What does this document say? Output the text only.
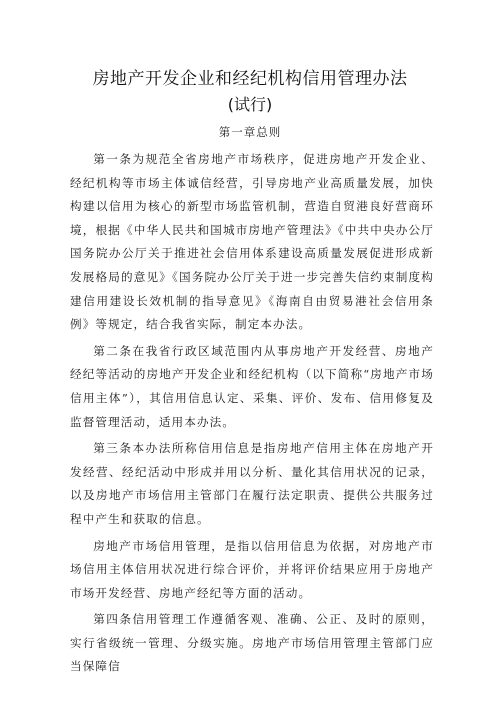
房地产开发企业和经纪机构信用管理办法
(试行)
第一章总则

第一条为规范全省房地产市场秩序，促进房地产开发企业、经纪机构等市场主体诚信经营，引导房地产业高质量发展，加快构建以信用为核心的新型市场监管机制，营造自贸港良好营商环境，根据《中华人民共和国城市房地产管理法》《中共中央办公厅国务院办公厅关于推进社会信用体系建设高质量发展促进形成新发展格局的意见》《国务院办公厅关于进一步完善失信约束制度构建信用建设长效机制的指导意见》《海南自由贸易港社会信用条例》等规定，结合我省实际，制定本办法。

第二条在我省行政区域范围内从事房地产开发经营、房地产经纪等活动的房地产开发企业和经纪机构（以下简称“房地产市场信用主体”），其信用信息认定、采集、评价、发布、信用修复及监督管理活动，适用本办法。

第三条本办法所称信用信息是指房地产信用主体在房地产开发经营、经纪活动中形成并用以分析、量化其信用状况的记录，以及房地产市场信用主管部门在履行法定职责、提供公共服务过程中产生和获取的信息。

房地产市场信用管理，是指以信用信息为依据，对房地产市场信用主体信用状况进行综合评价，并将评价结果应用于房地产市场开发经营、房地产经纪等方面的活动。

第四条信用管理工作遵循客观、准确、公正、及时的原则，实行省级统一管理、分级实施。房地产市场信用管理主管部门应当保障信
